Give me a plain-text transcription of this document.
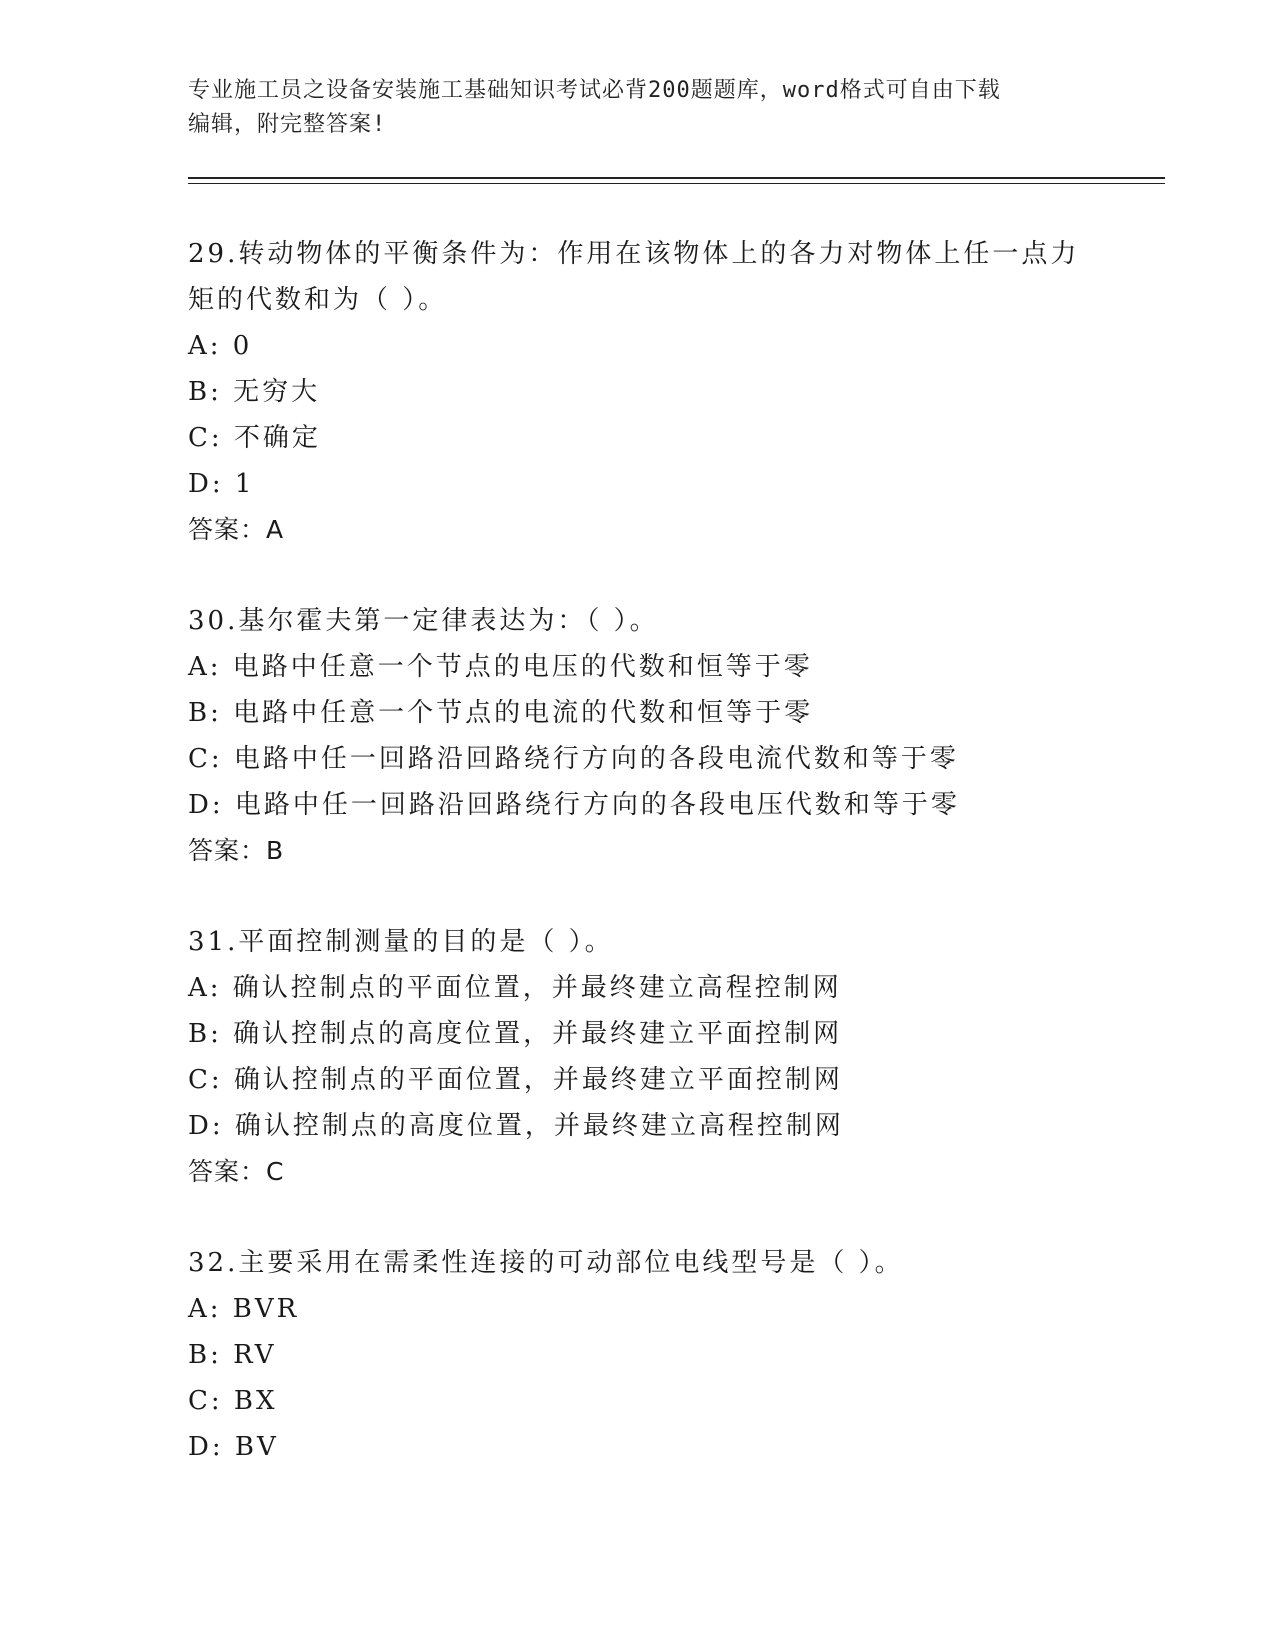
专业施工员之设备安装施工基础知识考试必背200题题库，word格式可自由下载
编辑，附完整答案!

29.转动物体的平衡条件为：作用在该物体上的各力对物体上任一点力

矩的代数和为（ ）。

A: 0

B: 无穷大

C: 不确定

D: 1

答案：A

30.基尔霍夫第一定律表达为：（ ）。

A: 电路中任意一个节点的电压的代数和恒等于零

B: 电路中任意一个节点的电流的代数和恒等于零

C: 电路中任一回路沿回路绕行方向的各段电流代数和等于零

D: 电路中任一回路沿回路绕行方向的各段电压代数和等于零

答案：B

31.平面控制测量的目的是（ ）。

A: 确认控制点的平面位置，并最终建立高程控制网

B: 确认控制点的高度位置，并最终建立平面控制网

C: 确认控制点的平面位置，并最终建立平面控制网

D: 确认控制点的高度位置，并最终建立高程控制网

答案：C

32.主要采用在需柔性连接的可动部位电线型号是（ ）。

A: BVR

B: RV

C: BX

D: BV
